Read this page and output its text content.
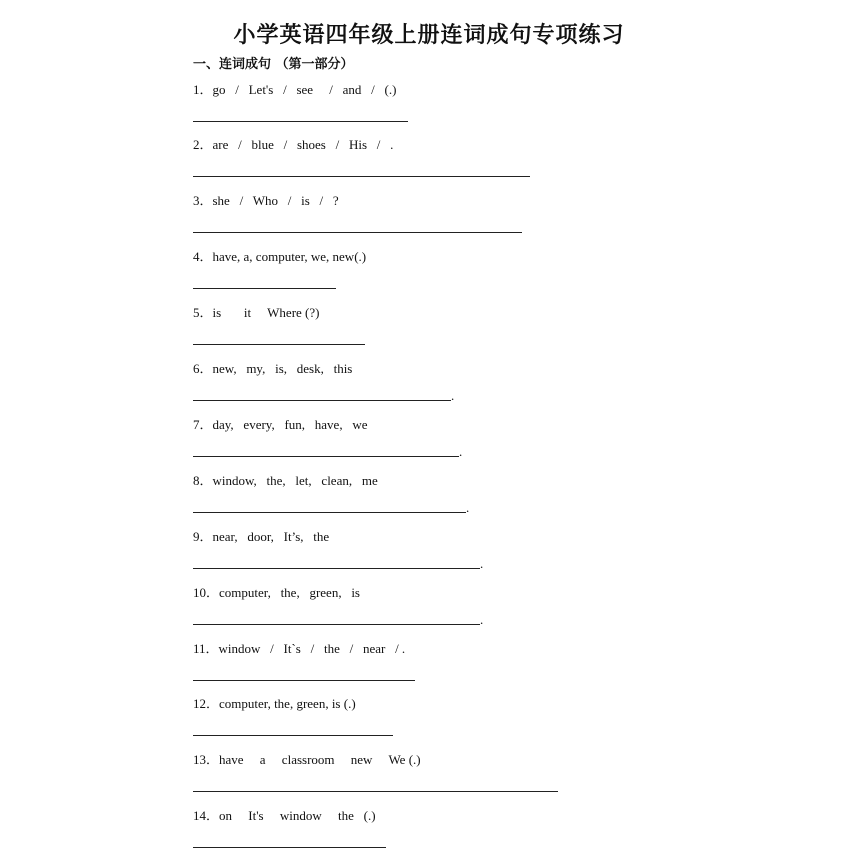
小学英语四年级上册连词成句专项练习
一、连词成句 （第一部分）
1．go   /   Let's   /   see     /   and   /   (.)
2．are   /   blue   /   shoes   /   His   /   .
3．she   /   Who   /   is   /   ?
4．have, a, computer, we, new(.)
5．is       it     Where (?)
6．new,   my,   is,   desk,   this
.
7．day,   every,   fun,   have,   we
.
8．window,   the,   let,   clean,   me
.
9．near,   door,   It’s,   the
.
10．computer,   the,   green,   is
.
11．window   /   It`s   /   the   /   near   / .
12．computer, the, green, is (.)
13．have     a     classroom     new     We (.)
14．on     It's     window     the   (.)
